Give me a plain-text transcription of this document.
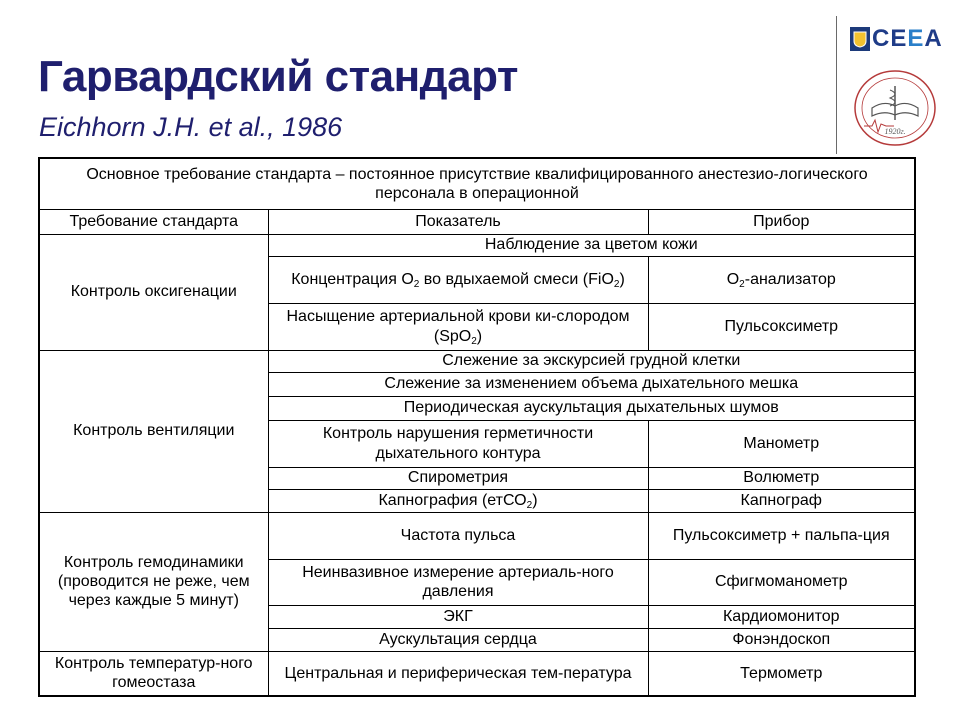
Гарвардский стандарт
Eichhorn J.H. et al., 1986
CEEA
1920г.
Основное требование стандарта – постоянное присутствие квалифицированного анестезио-логического персонала в операционной		
Требование стандарта	Показатель	Прибор
Контроль оксигенации	Наблюдение за цветом кожи	
	Концентрация $О_2$ во вдыхаемой смеси (FiO$_2$)	$O_2$-анализатор
	Насыщение артериальной крови ки-слородом (SpO$_2$)	Пульсоксиметр
Контроль вентиляции	Слежение за экскурсией грудной клетки	
	Слежение за изменением объема дыхательного мешка	
	Периодическая аускультация дыхательных шумов	
	Контроль нарушения герметичности дыхательного контура	Манометр
	Спирометрия	Волюметр
	Капнография (етСО$_2$)	Капнограф
Контроль гемодинамики (проводится не реже, чем через каждые 5 минут)	Частота пульса	Пульсоксиметр + пальпа-ция
	Неинвазивное измерение артериаль-ного давления	Сфигмоманометр
	ЭКГ	Кардиомонитор
	Аускультация сердца	Фонэндоскоп
Контроль температур-ного гомеостаза	Центральная и периферическая тем-пература	Термометр
